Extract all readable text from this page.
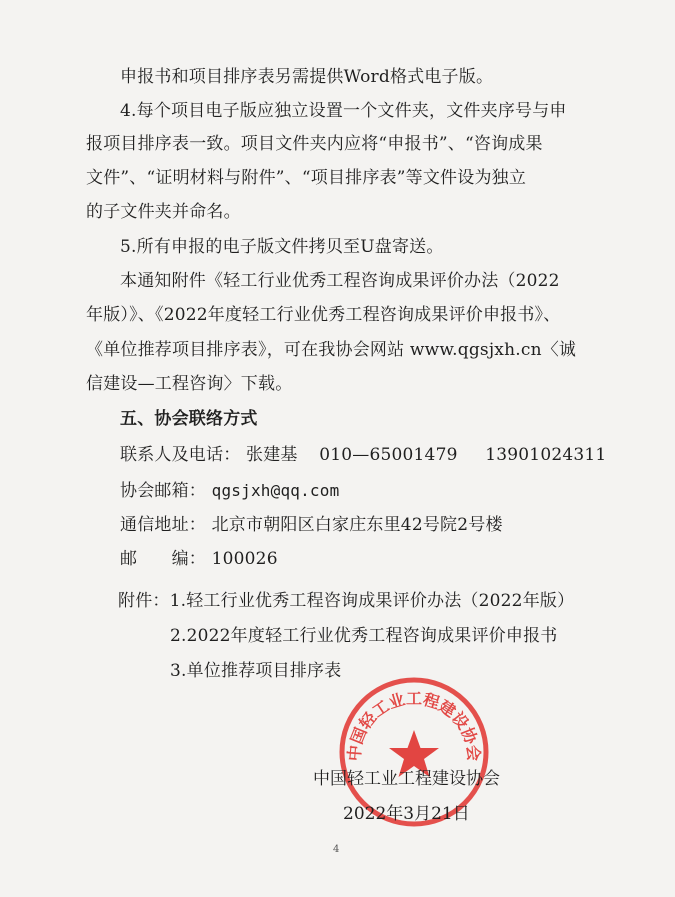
申报书和项目排序表另需提供Word格式电子版。
4.每个项目电子版应独立设置一个文件夹，文件夹序号与申
报项目排序表一致。项目文件夹内应将“申报书”、“咨询成果
文件”、“证明材料与附件”、“项目排序表”等文件设为独立
的子文件夹并命名。
5.所有申报的电子版文件拷贝至U盘寄送。
本通知附件《轻工行业优秀工程咨询成果评价办法（2022
年版）》、《2022年度轻工行业优秀工程咨询成果评价申报书》、
《单位推荐项目排序表》，可在我协会网站 www.qgsjxh.cn〈诚
信建设—工程咨询〉下载。
五、协会联络方式
联系人及电话： 张建基 010—65001479 13901024311
协会邮箱： qgsjxh@qq.com
通信地址： 北京市朝阳区白家庄东里42号院2号楼
邮　　编： 100026
附件：1.轻工行业优秀工程咨询成果评价办法（2022年版）
2.2022年度轻工行业优秀工程咨询成果评价申报书
3.单位推荐项目排序表
中国轻工业工程建设协会
中国轻工业工程建设协会
2022年3月21日
4
